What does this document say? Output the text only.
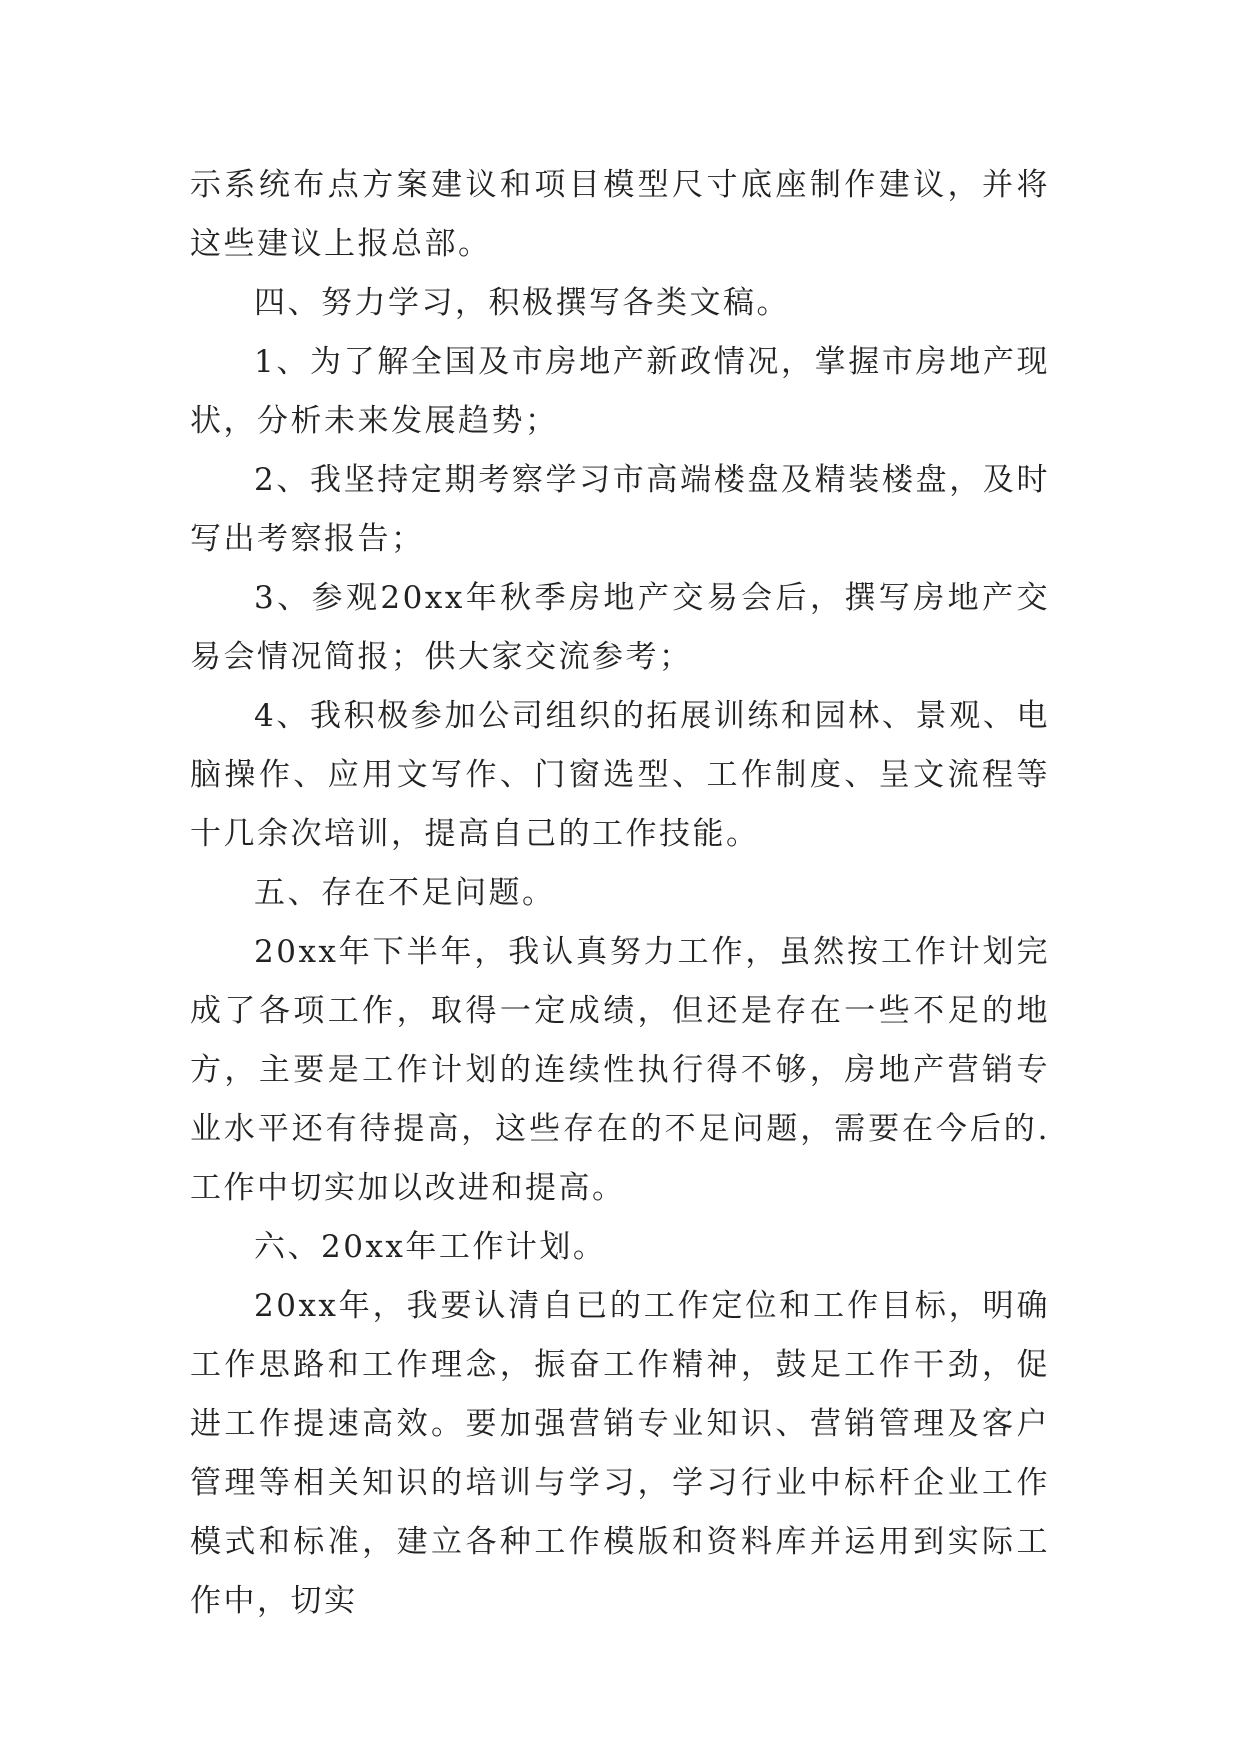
示系统布点方案建议和项目模型尺寸底座制作建议，并将这些建议上报总部。

四、努力学习，积极撰写各类文稿。

1、为了解全国及市房地产新政情况，掌握市房地产现状，分析未来发展趋势；

2、我坚持定期考察学习市高端楼盘及精装楼盘，及时写出考察报告；

3、参观20xx年秋季房地产交易会后，撰写房地产交易会情况简报；供大家交流参考；

4、我积极参加公司组织的拓展训练和园林、景观、电脑操作、应用文写作、门窗选型、工作制度、呈文流程等十几余次培训，提高自己的工作技能。

五、存在不足问题。

20xx年下半年，我认真努力工作，虽然按工作计划完成了各项工作，取得一定成绩，但还是存在一些不足的地方，主要是工作计划的连续性执行得不够，房地产营销专业水平还有待提高，这些存在的不足问题，需要在今后的.工作中切实加以改进和提高。

六、20xx年工作计划。

20xx年，我要认清自已的工作定位和工作目标，明确工作思路和工作理念，振奋工作精神，鼓足工作干劲，促进工作提速高效。要加强营销专业知识、营销管理及客户管理等相关知识的培训与学习，学习行业中标杆企业工作模式和标准，建立各种工作模版和资料库并运用到实际工作中，切实
